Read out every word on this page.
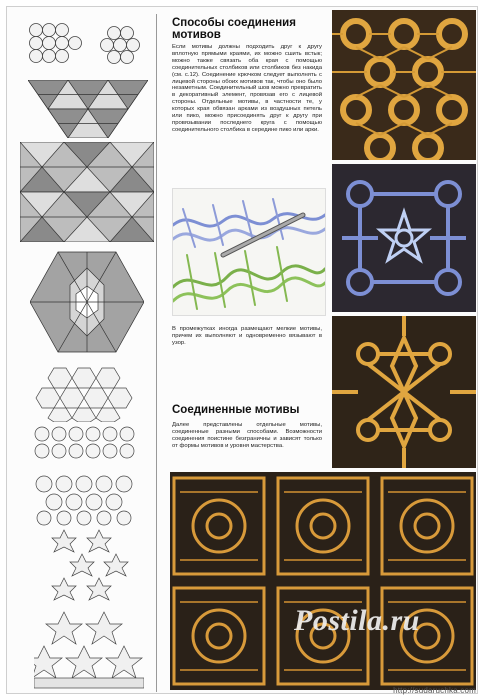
Способы соединения мотивов
Если мотивы должны подходить друг к другу вплотную прямыми краями, их можно сшить встык; можно также связать оба края с помощью соединительных столбиков или столбиков без накида (см. с.12). Соединение крючком следует выполнять с лицевой стороны обоих мотивов так, чтобы оно было незаметным. Соединительный шов можно превратить в декоративный элемент, провязав его с лицевой стороны. Отдельные мотивы, в частности те, у которых края обвязан арками из воздушных петель или пико, можно присоединять друг к другу при провязывании последнего круга с помощью соединительного столбика в середине пико или арки.
В промежутках иногда размещают мелкие мотивы, причем их выполняют и одновременно вязывают в узор.
Соединенные мотивы
Далее представлены отдельные мотивы, соединенные разными способами. Возможности соединения поистине безграничны и зависят только от формы мотивов и уровня мастерства.
Postila.ru
http://sudaruchka.com
